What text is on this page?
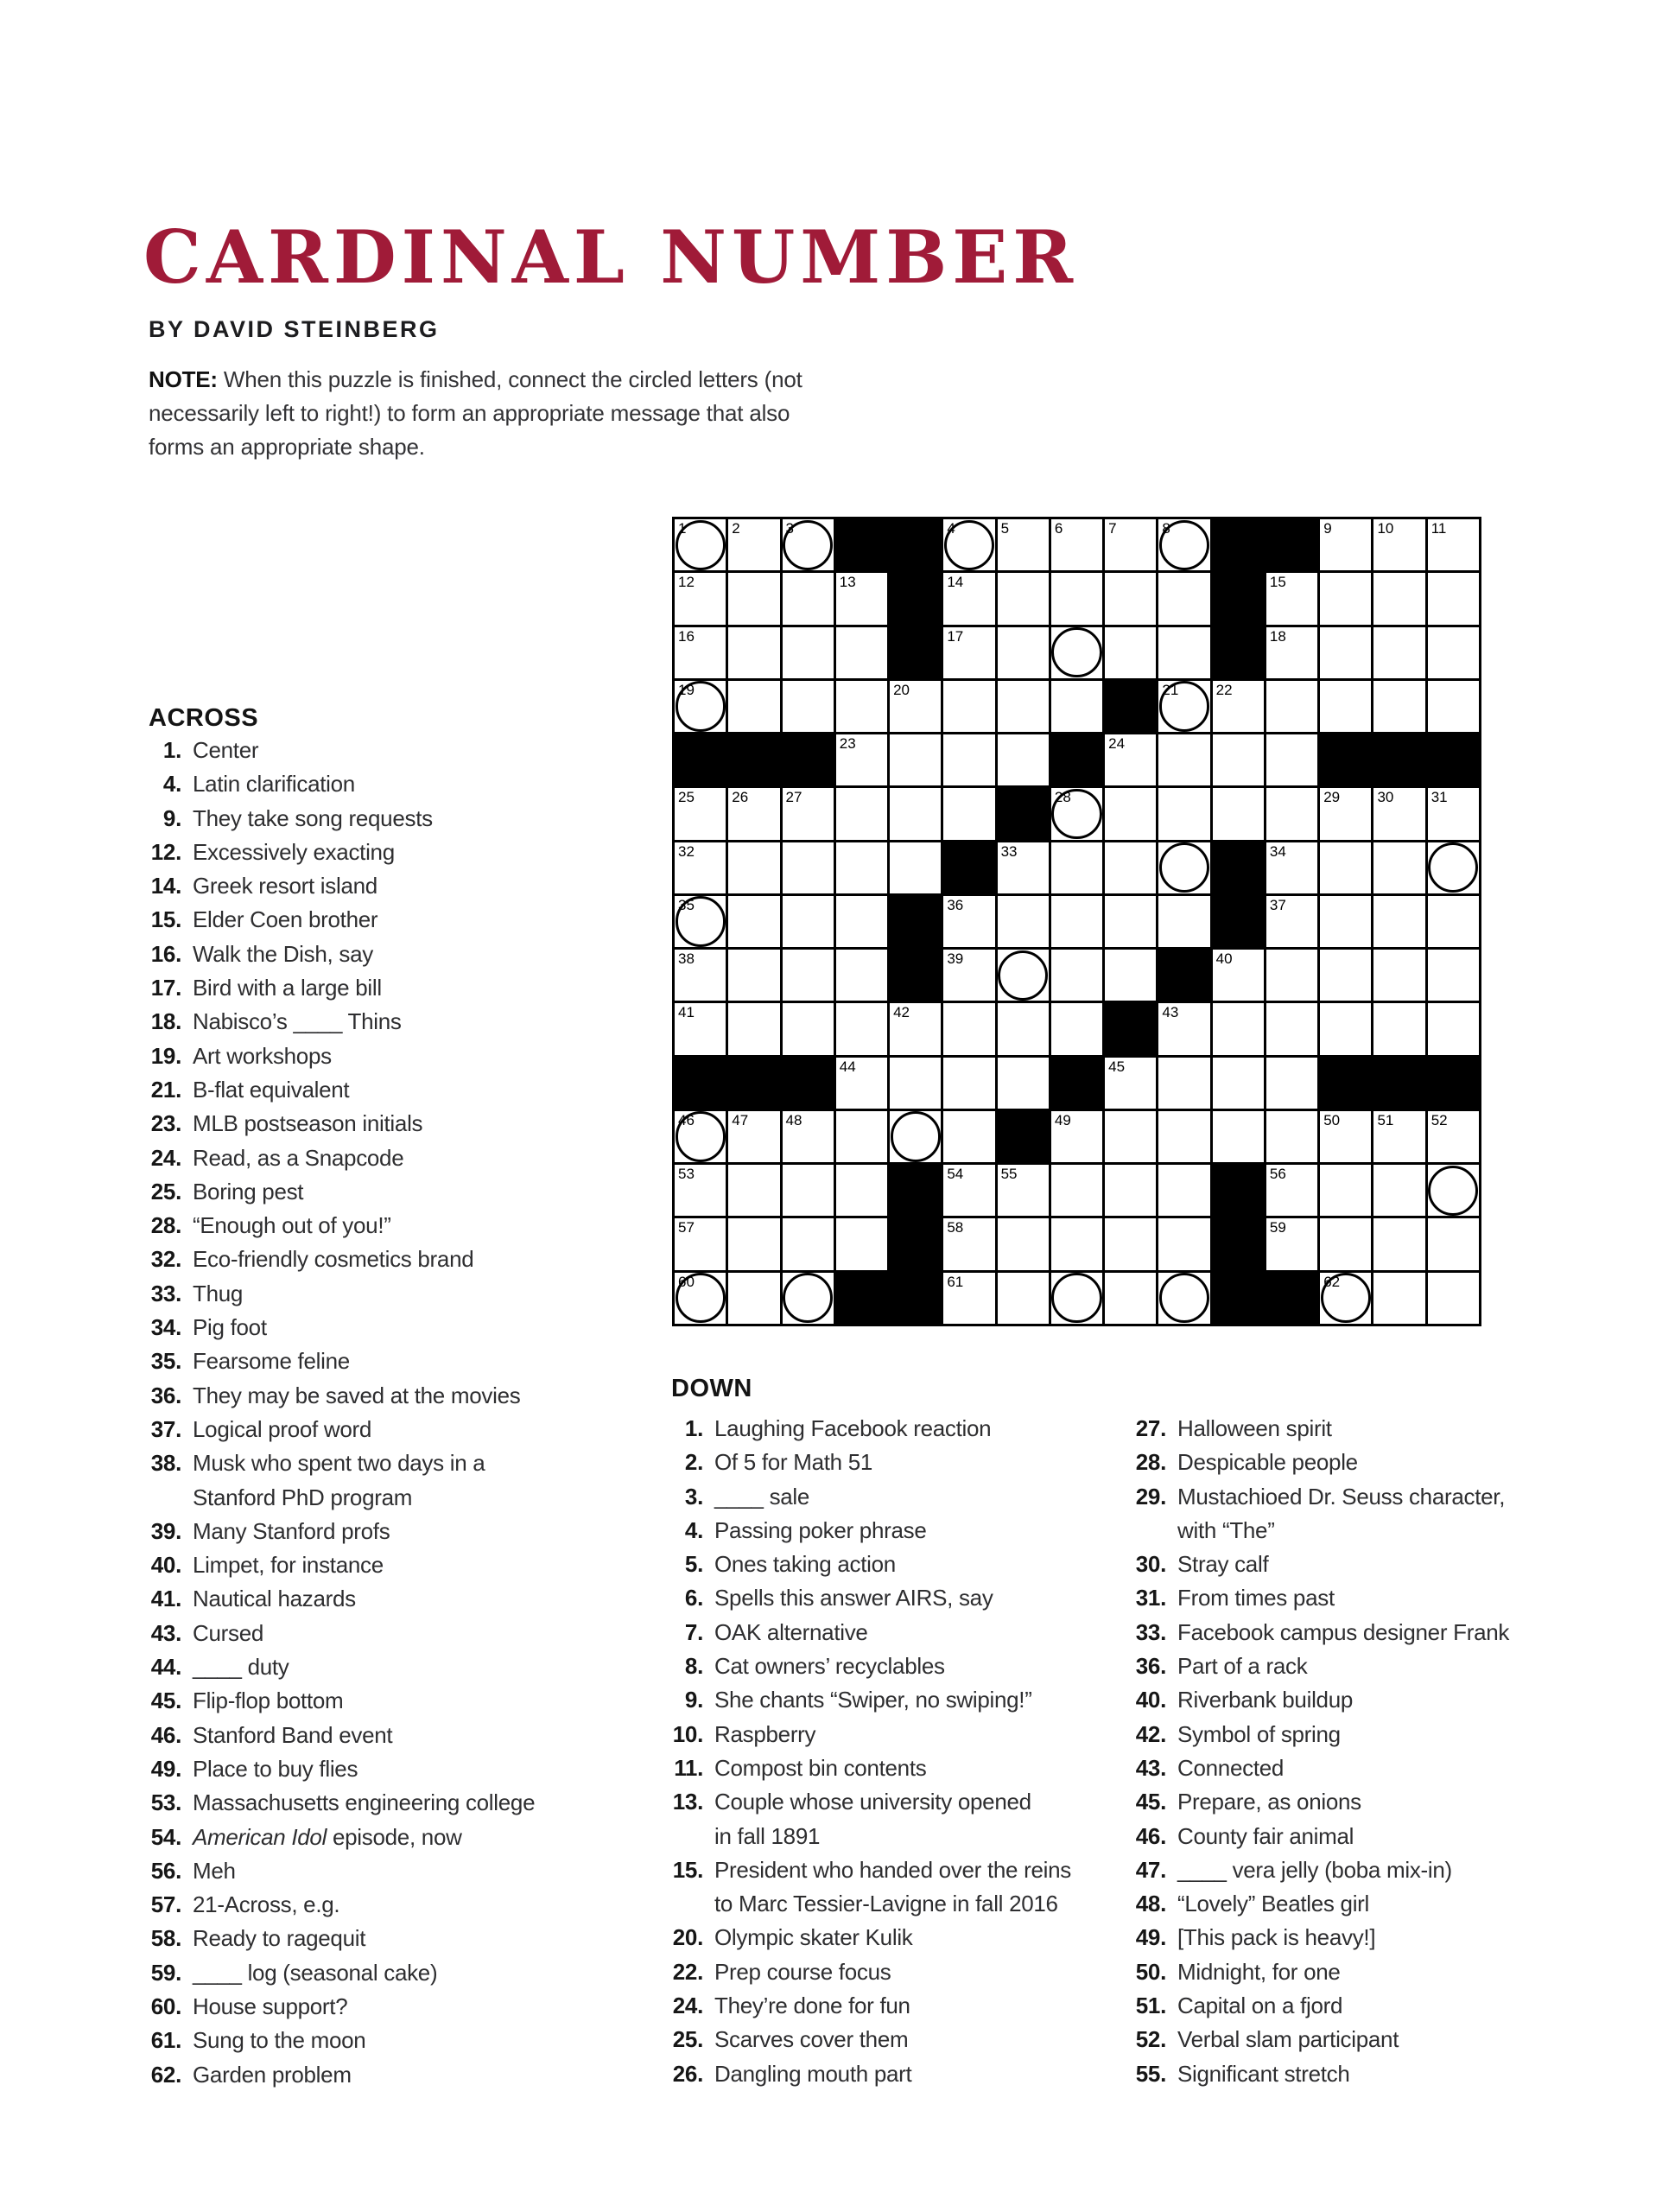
CARDINAL NUMBER

BY DAVID STEINBERG

NOTE: When this puzzle is finished, connect the circled letters (not
necessarily left to right!) to form an appropriate message that also
forms an appropriate shape.

ACROSS
1. Center
4. Latin clarification
9. They take song requests
12. Excessively exacting
14. Greek resort island
15. Elder Coen brother
16. Walk the Dish, say
17. Bird with a large bill
18. Nabisco’s ____ Thins
19. Art workshops
21. B-flat equivalent
23. MLB postseason initials
24. Read, as a Snapcode
25. Boring pest
28. “Enough out of you!”
32. Eco-friendly cosmetics brand
33. Thug
34. Pig foot
35. Fearsome feline
36. They may be saved at the movies
37. Logical proof word
38. Musk who spent two days in a
Stanford PhD program
39. Many Stanford profs
40. Limpet, for instance
41. Nautical hazards
43. Cursed
44. ____ duty
45. Flip-flop bottom
46. Stanford Band event
49. Place to buy flies
53. Massachusetts engineering college
54. American Idol episode, now
56. Meh
57. 21-Across, e.g.
58. Ready to ragequit
59. ____ log (seasonal cake)
60. House support?
61. Sung to the moon
62. Garden problem
1	2	3	4	5	6	7	8	9	10	11
12	13	14	15
16	17	18
19	20	21	22
23	24
25	26	27	28	29	30	31
32	33	34
35	36	37
38	39	40
41	42	43
44	45
46	47	48	49	50	51	52
53	54	55	56
57	58	59
60	61	62
DOWN
1. Laughing Facebook reaction
2. Of 5 for Math 51
3. ____ sale
4. Passing poker phrase
5. Ones taking action
6. Spells this answer AIRS, say
7. OAK alternative
8. Cat owners’ recyclables
9. She chants “Swiper, no swiping!”
10. Raspberry
11. Compost bin contents
13. Couple whose university opened
in fall 1891
15. President who handed over the reins
to Marc Tessier-Lavigne in fall 2016
20. Olympic skater Kulik
22. Prep course focus
24. They’re done for fun
25. Scarves cover them
26. Dangling mouth part
27. Halloween spirit
28. Despicable people
29. Mustachioed Dr. Seuss character,
with “The”
30. Stray calf
31. From times past
33. Facebook campus designer Frank
36. Part of a rack
40. Riverbank buildup
42. Symbol of spring
43. Connected
45. Prepare, as onions
46. County fair animal
47. ____ vera jelly (boba mix-in)
48. “Lovely” Beatles girl
49. [This pack is heavy!]
50. Midnight, for one
51. Capital on a fjord
52. Verbal slam participant
55. Significant stretch
